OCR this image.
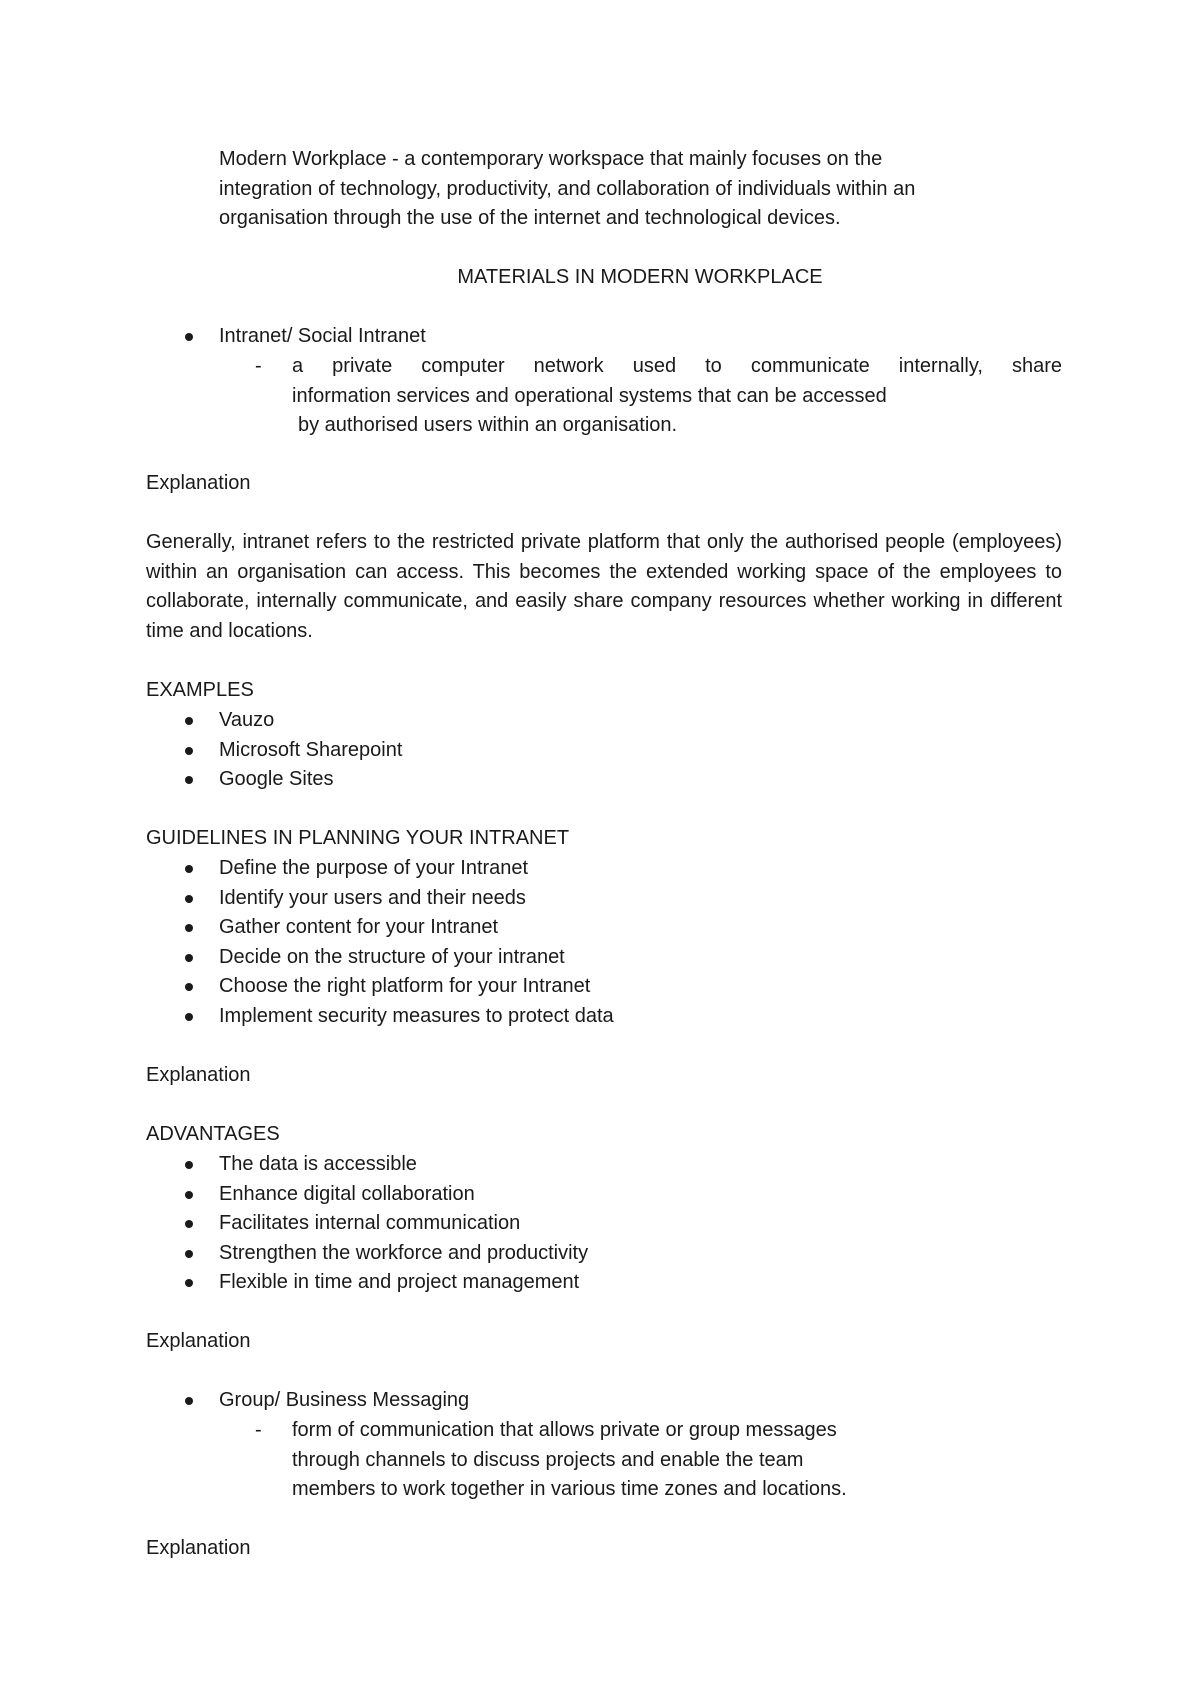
Modern Workplace - a contemporary workspace that mainly focuses on the
integration of technology, productivity, and collaboration of individuals within an
organisation through the use of the internet and technological devices.

MATERIALS IN MODERN WORKPLACE

Intranet/ Social Intranet
- a private computer network used to communicate internally, share
information services and operational systems that can be accessed
by authorised users within an organisation.

Explanation

Generally, intranet refers to the restricted private platform that only the authorised people (employees) within an organisation can access. This becomes the extended working space of the employees to collaborate, internally communicate, and easily share company resources whether working in different time and locations.

EXAMPLES

Vauzo
Microsoft Sharepoint
Google Sites

GUIDELINES IN PLANNING YOUR INTRANET

Define the purpose of your Intranet
Identify your users and their needs
Gather content for your Intranet
Decide on the structure of your intranet
Choose the right platform for your Intranet
Implement security measures to protect data

Explanation

ADVANTAGES

The data is accessible
Enhance digital collaboration
Facilitates internal communication
Strengthen the workforce and productivity
Flexible in time and project management

Explanation

Group/ Business Messaging
- form of communication that allows private or group messages
through channels to discuss projects and enable the team
members to work together in various time zones and locations.

Explanation
